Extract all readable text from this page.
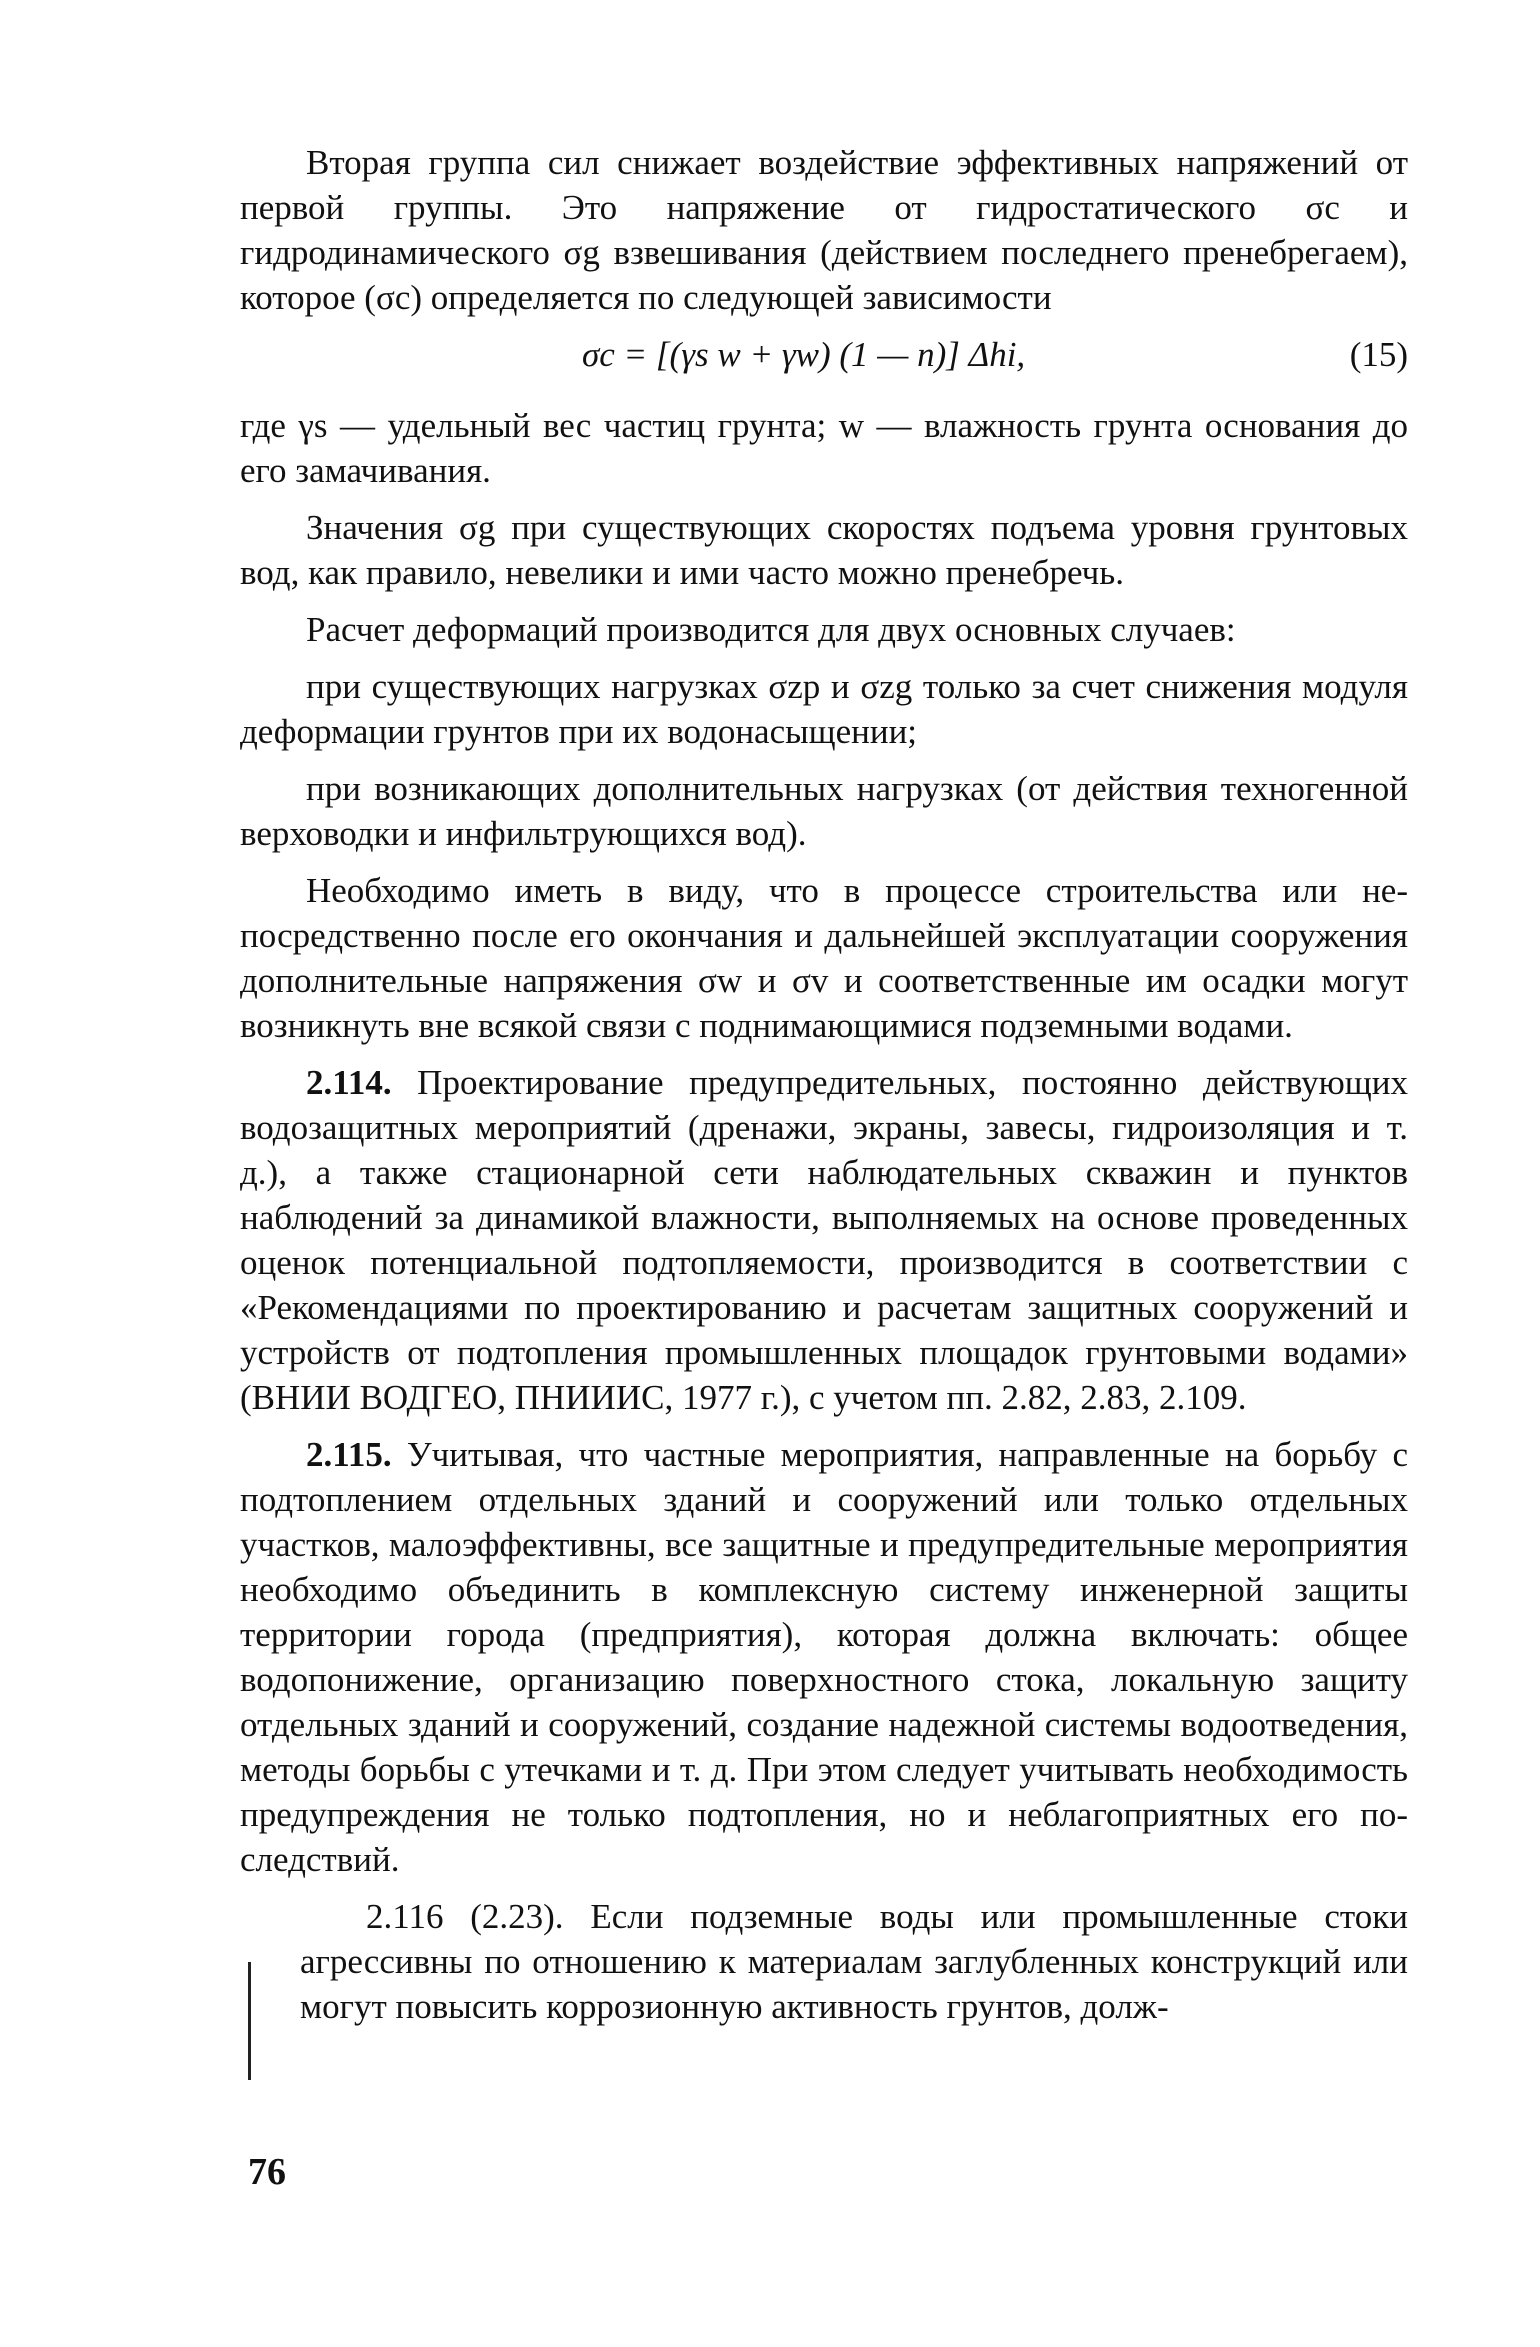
Вторая группа сил снижает воздействие эффективных напряжений от первой группы. Это напряжение от гидростатического σc и гидродинамического σg взвешивания (действием последнего пренебрегаем), которое (σc) определяется по следующей зависимости

σc = [(γs w + γw) (1 — n)] Δhi,	(15)

где γs — удельный вес частиц грунта; w — влажность грунта основания до его замачивания.

Значения σg при существующих скоростях подъема уровня грунтовых вод, как правило, невелики и ими часто можно пренебречь.

Расчет деформаций производится для двух основных случаев:

при существующих нагрузках σzp и σzg только за счет снижения модуля деформации грунтов при их водонасыщении;

при возникающих дополнительных нагрузках (от действия техногенной верховодки и инфильтрующихся вод).

Необходимо иметь в виду, что в процессе строительства или непосредственно после его окончания и дальнейшей эксплуатации сооружения дополнительные напряжения σw и σv и соответственные им осадки могут возникнуть вне всякой связи с поднимающимися подземными водами.

2.114. Проектирование предупредительных, постоянно действующих водозащитных мероприятий (дренажи, экраны, завесы, гидроизоляция и т. д.), а также стационарной сети наблюдательных скважин и пунктов наблюдений за динамикой влажности, выполняемых на основе проведенных оценок потенциальной подтопляемости, производится в соответствии с «Рекомендациями по проектированию и расчетам защитных сооружений и устройств от подтопления промышленных площадок грунтовыми водами» (ВНИИ ВОДГЕО, ПНИИИС, 1977 г.), с учетом пп. 2.82, 2.83, 2.109.

2.115. Учитывая, что частные мероприятия, направленные на борьбу с подтоплением отдельных зданий и сооружений или только отдельных участков, малоэффективны, все защитные и предупредительные мероприятия необходимо объединить в комплексную систему инженерной защиты территории города (предприятия), которая должна включать: общее водопонижение, организацию поверхностного стока, локальную защиту отдельных зданий и сооружений, создание надежной системы водоотведения, методы борьбы с утечками и т. д. При этом следует учитывать необходимость предупреждения не только подтопления, но и неблагоприятных его последствий.

2.116 (2.23). Если подземные воды или промышленные стоки агрессивны по отношению к материалам заглубленных конструкций или могут повысить коррозионную активность грунтов, долж-

76
